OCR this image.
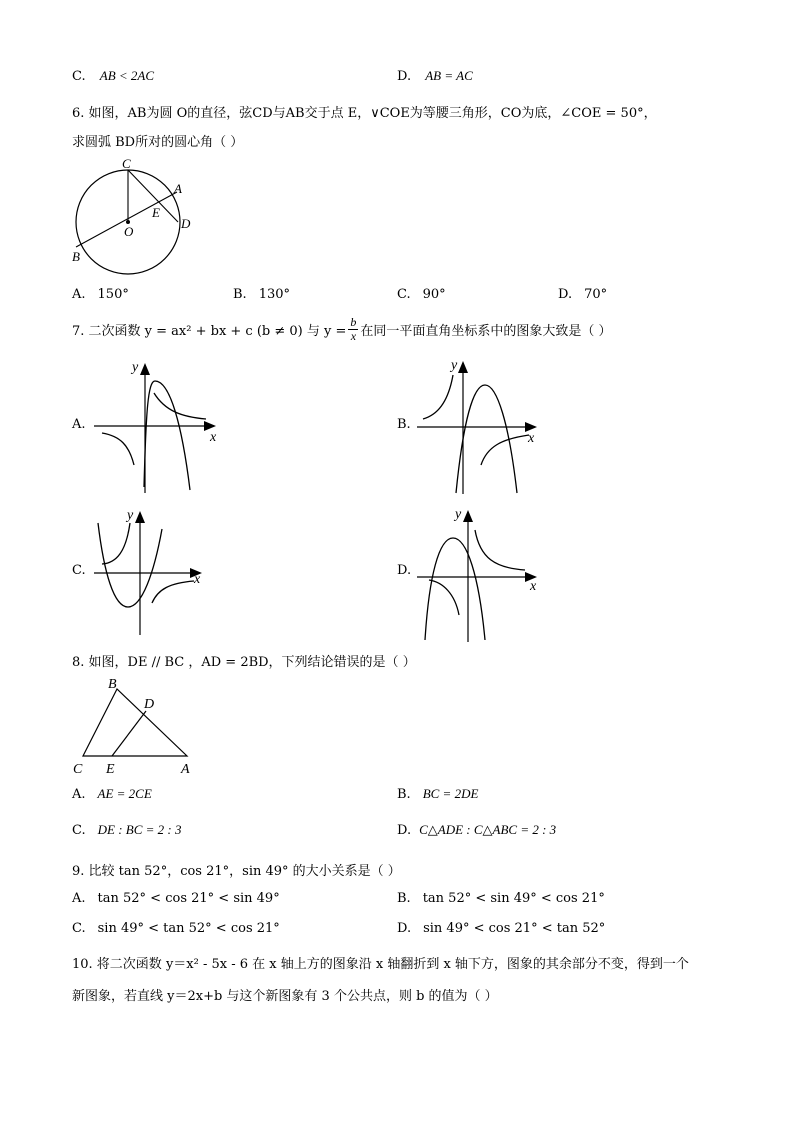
C. AB < 2AC	D. AB = AC
6. 如图，AB为圆 O的直径，弦CD与AB交于点 E，∨COE为等腰三角形，CO为底，∠COE = 50°，
求圆弧 BD所对的圆心角（ ）
C
A
E
D
O
B
A. 150°	B. 130°	C. 90°	D. 70°
7. 二次函数 y = ax² + bx + c (b ≠ 0) 与 $y = \frac{b}{x}$ 在同一平面直角坐标系中的图象大致是（ ）
A.
x
y
B.
x
y
C.
x
y
D.
x
y
8. 如图，DE // BC ，AD = 2BD，下列结论错误的是（ ）
B
D
C E	A
A. AE = 2CE	B. BC = 2DE
C. DE : BC = 2 : 3	D. C△ADE : C△ABC = 2 : 3
9. 比较 tan 52°，cos 21°，sin 49° 的大小关系是（ ）
A. tan 52° < cos 21° < sin 49°	B. tan 52° < sin 49° < cos 21°
C. sin 49° < tan 52° < cos 21°	D. sin 49° < cos 21° < tan 52°
10. 将二次函数 y＝x² - 5x - 6 在 x 轴上方的图象沿 x 轴翻折到 x 轴下方，图象的其余部分不变，得到一个
新图象，若直线 y＝2x+b 与这个新图象有 3 个公共点，则 b 的值为（ ）
